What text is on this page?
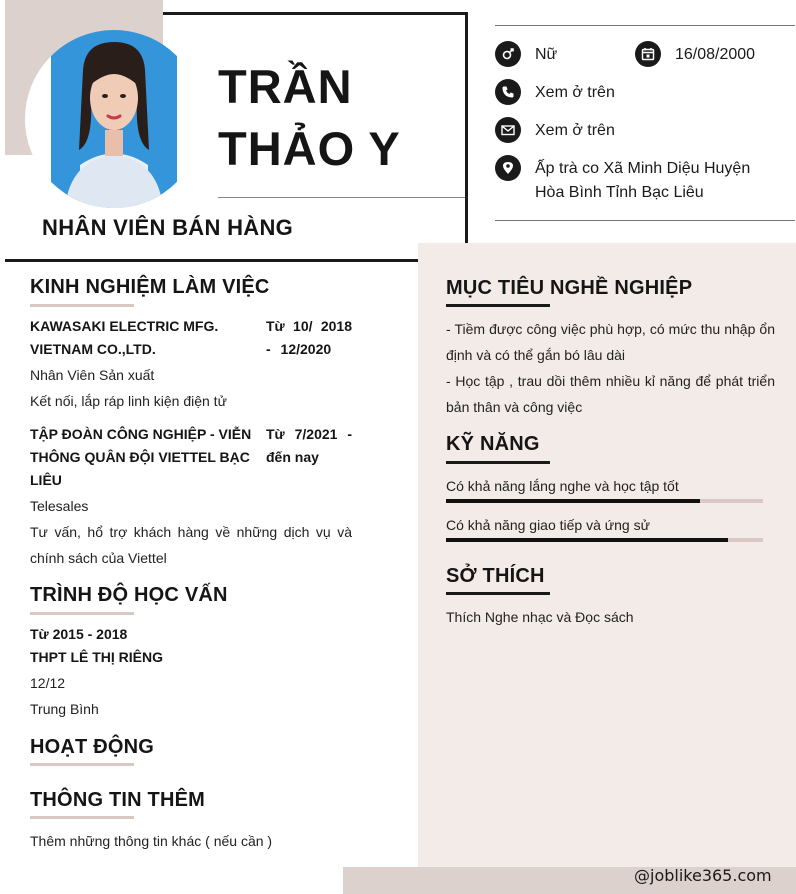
TRẦN
THẢO Y
NHÂN VIÊN BÁN HÀNG
Nữ	16/08/2000
Xem ở trên
Xem ở trên
Ấp trà co Xã Minh Diệu Huyện
Hòa Bình Tỉnh Bạc Liêu
KINH NGHIỆM LÀM VIỆC
KAWASAKI ELECTRIC MFG.
VIETNAM CO.,LTD.
Từ 10/ 2018
- 12/2020
Nhân Viên Sản xuất
Kết nối, lắp ráp linh kiện điện tử
TẬP ĐOÀN CÔNG NGHIỆP - VIỄN
THÔNG QUÂN ĐỘI VIETTEL BẠC
LIÊU
Từ 7/2021 -
đến nay
Telesales
Tư vấn, hổ trợ khách hàng về những dịch vụ và
chính sách của Viettel
TRÌNH ĐỘ HỌC VẤN
Từ 2015 - 2018
THPT LÊ THỊ RIÊNG
12/12
Trung Bình
HOẠT ĐỘNG
THÔNG TIN THÊM
Thêm những thông tin khác ( nếu cần )
MỤC TIÊU NGHỀ NGHIỆP
- Tiềm được công việc phù hợp, có mức thu nhập ổn
định và có thể gắn bó lâu dài
- Học tập , trau dồi thêm nhiều kỉ năng để phát triển
bản thân và công việc
KỸ NĂNG
Có khả năng lắng nghe và học tập tốt
Có khả năng giao tiếp và ứng sử
SỞ THÍCH
Thích Nghe nhạc và Đọc sách
@joblike365.com
